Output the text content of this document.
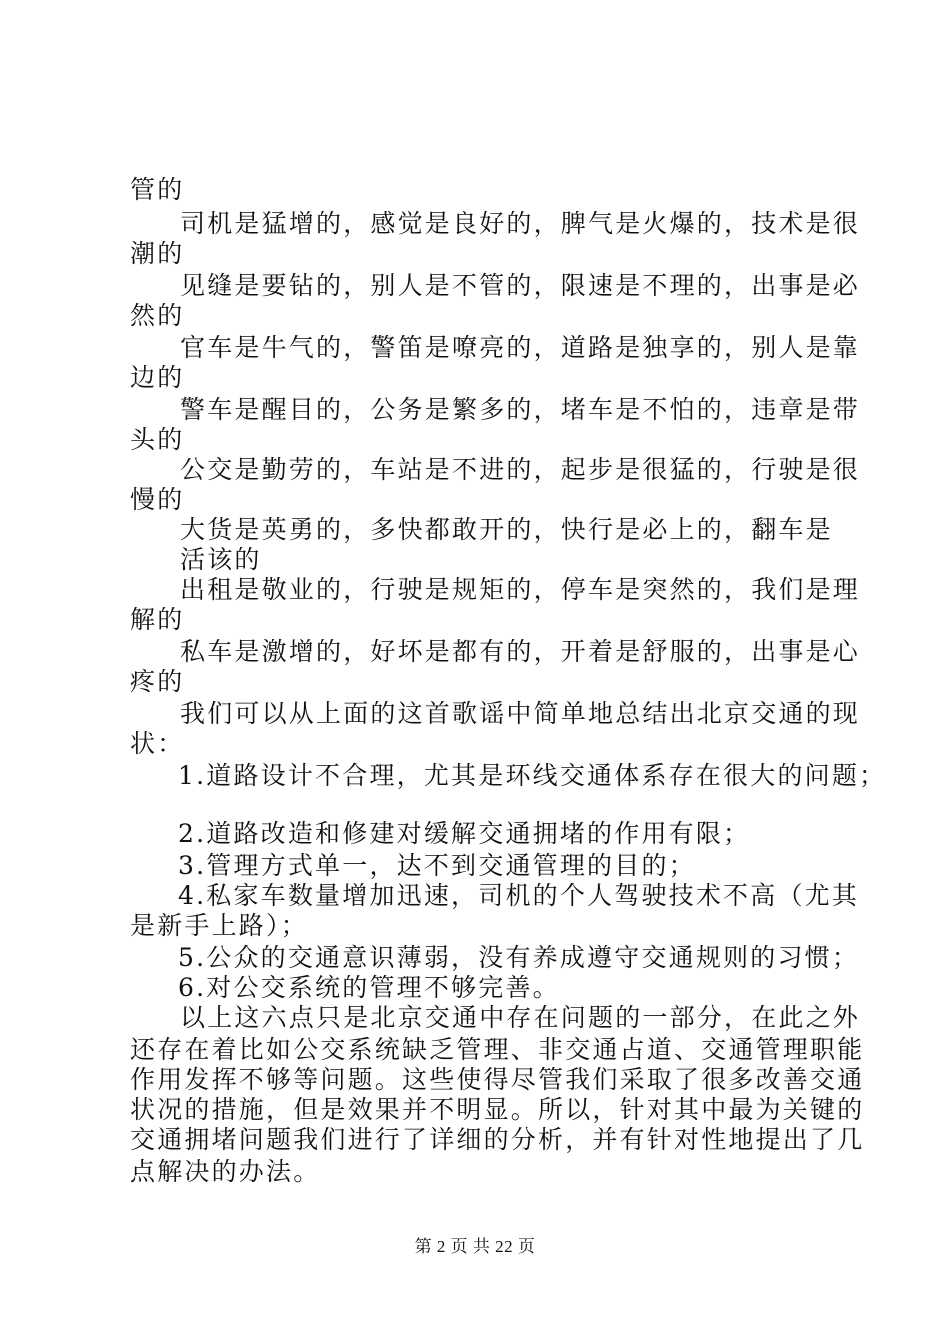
管的
司机是猛增的，感觉是良好的，脾气是火爆的，技术是很
潮的
见缝是要钻的，别人是不管的，限速是不理的，出事是必
然的
官车是牛气的，警笛是嘹亮的，道路是独享的，别人是靠
边的
警车是醒目的，公务是繁多的，堵车是不怕的，违章是带
头的
公交是勤劳的，车站是不进的，起步是很猛的，行驶是很
慢的
大货是英勇的，多快都敢开的，快行是必上的，翻车是
活该的
出租是敬业的，行驶是规矩的，停车是突然的，我们是理
解的
私车是激增的，好坏是都有的，开着是舒服的，出事是心
疼的
我们可以从上面的这首歌谣中简单地总结出北京交通的现
状：
1.道路设计不合理，尤其是环线交通体系存在很大的问题；
2.道路改造和修建对缓解交通拥堵的作用有限；
3.管理方式单一，达不到交通管理的目的；
4.私家车数量增加迅速，司机的个人驾驶技术不高（尤其
是新手上路）；
5.公众的交通意识薄弱，没有养成遵守交通规则的习惯；
6.对公交系统的管理不够完善。
以上这六点只是北京交通中存在问题的一部分，在此之外
还存在着比如公交系统缺乏管理、非交通占道、交通管理职能
作用发挥不够等问题。这些使得尽管我们采取了很多改善交通
状况的措施，但是效果并不明显。所以，针对其中最为关键的
交通拥堵问题我们进行了详细的分析，并有针对性地提出了几
点解决的办法。
第 2 页 共 22 页
